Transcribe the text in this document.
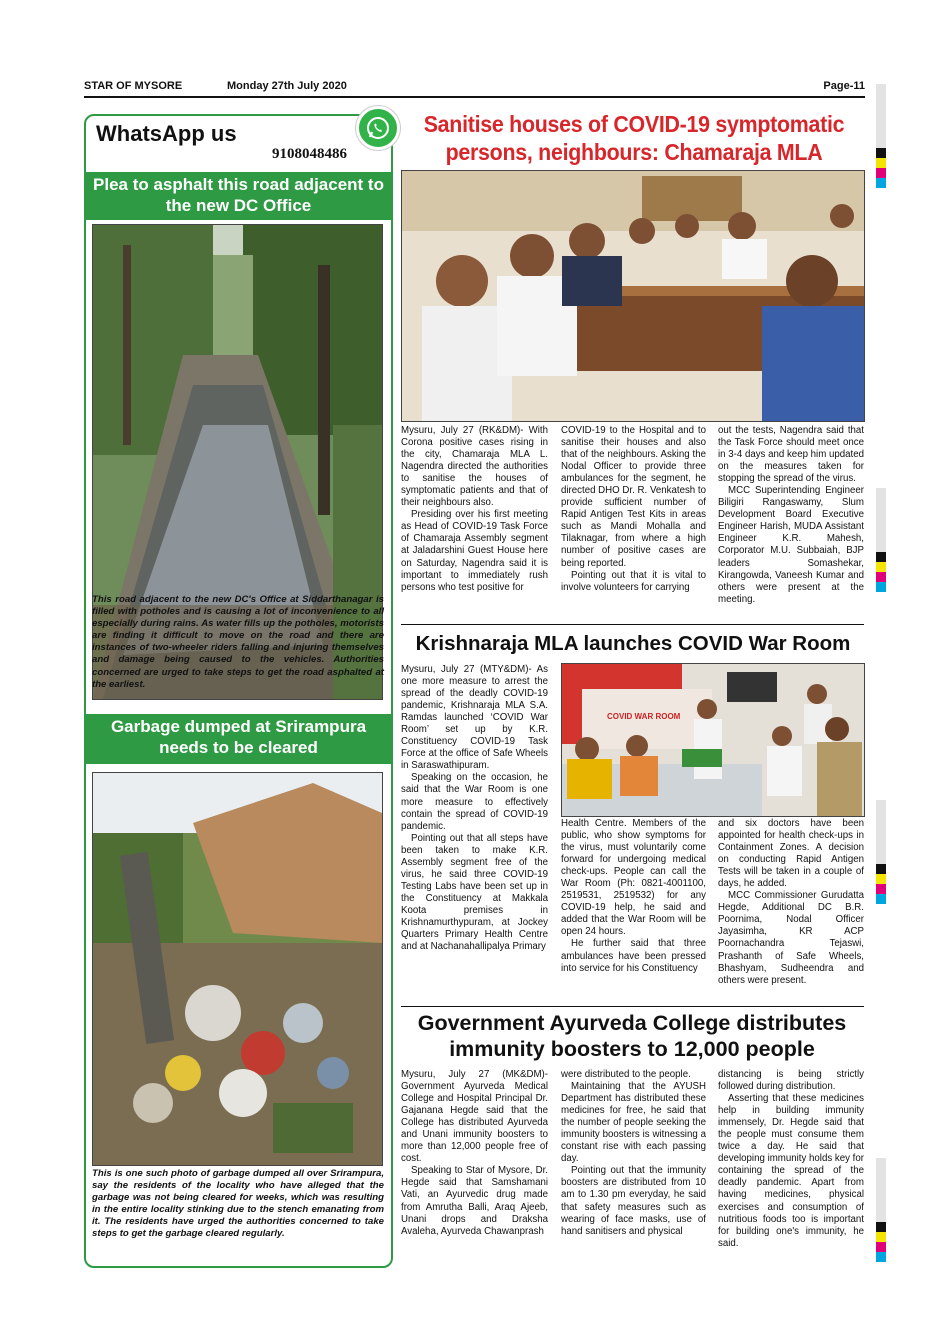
STAR OF MYSORE	Monday 27th July 2020	Page-11
WhatsApp us
9108048486
Plea to asphalt this road adjacent to the new DC Office
This road adjacent to the new DC's Office at Siddarthanagar is filled with potholes and is causing a lot of inconvenience to all especially during rains. As water fills up the potholes, motorists are finding it difficult to move on the road and there are instances of two-wheeler riders falling and injuring themselves and damage being caused to the vehicles. Authorities concerned are urged to take steps to get the road asphalted at the earliest.
Garbage dumped at Srirampura needs to be cleared
This is one such photo of garbage dumped all over Srirampura, say the residents of the locality who have alleged that the garbage was not being cleared for weeks, which was resulting in the entire locality stinking due to the stench emanating from it. The residents have urged the authorities concerned to take steps to get the garbage cleared regularly.
Sanitise houses of COVID-19 symptomatic persons, neighbours: Chamaraja MLA

Mysuru, July 27 (RK&DM)- With Corona positive cases rising in the city, Chamaraja MLA L. Nagendra directed the authorities to sanitise the houses of symptomatic patients and that of their neighbours also.

Presiding over his first meeting as Head of COVID-19 Task Force of Chamaraja Assembly segment at Jaladarshini Guest House here on Saturday, Nagendra said it is important to immediately rush persons who test positive for

COVID-19 to the Hospital and to sanitise their houses and also that of the neighbours. Asking the Nodal Officer to provide three ambulances for the segment, he directed DHO Dr. R. Venkatesh to provide sufficient number of Rapid Antigen Test Kits in areas such as Mandi Mohalla and Tilaknagar, from where a high number of positive cases are being reported.

Pointing out that it is vital to involve volunteers for carrying

out the tests, Nagendra said that the Task Force should meet once in 3-4 days and keep him updated on the measures taken for stopping the spread of the virus.

MCC Superintending Engineer Biligiri Rangaswamy, Slum Development Board Executive Engineer Harish, MUDA Assistant Engineer K.R. Mahesh, Corporator M.U. Subbaiah, BJP leaders Somashekar, Kirangowda, Vaneesh Kumar and others were present at the meeting.

Krishnaraja MLA launches COVID War Room
COVID WAR ROOM

Mysuru, July 27 (MTY&DM)- As one more measure to arrest the spread of the deadly COVID-19 pandemic, Krishnaraja MLA S.A. Ramdas launched ‘COVID War Room’ set up by K.R. Constituency COVID-19 Task Force at the office of Safe Wheels in Saraswathipuram.

Speaking on the occasion, he said that the War Room is one more measure to effectively contain the spread of COVID-19 pandemic.

Pointing out that all steps have been taken to make K.R. Assembly segment free of the virus, he said three COVID-19 Testing Labs have been set up in the Constituency at Makkala Koota premises in Krishnamurthypuram, at Jockey Quarters Primary Health Centre and at Nachanahallipalya Primary

Health Centre. Members of the public, who show symptoms for the virus, must voluntarily come forward for undergoing medical check-ups. People can call the War Room (Ph: 0821-4001100, 2519531, 2519532) for any COVID-19 help, he said and added that the War Room will be open 24 hours.

He further said that three ambulances have been pressed into service for his Constituency

and six doctors have been appointed for health check-ups in Containment Zones. A decision on conducting Rapid Antigen Tests will be taken in a couple of days, he added.

MCC Commissioner Gurudatta Hegde, Additional DC B.R. Poornima, Nodal Officer Jayasimha, KR ACP Poornachandra Tejaswi, Prashanth of Safe Wheels, Bhashyam, Sudheendra and others were present.

Government Ayurveda College distributes immunity boosters to 12,000 people

Mysuru, July 27 (MK&DM)- Government Ayurveda Medical College and Hospital Principal Dr. Gajanana Hegde said that the College has distributed Ayurveda and Unani immunity boosters to more than 12,000 people free of cost.

Speaking to Star of Mysore, Dr. Hegde said that Samshamani Vati, an Ayurvedic drug made from Amrutha Balli, Araq Ajeeb, Unani drops and Draksha Avaleha, Ayurveda Chawanprash

were distributed to the people.

Maintaining that the AYUSH Department has distributed these medicines for free, he said that the number of people seeking the immunity boosters is witnessing a constant rise with each passing day.

Pointing out that the immunity boosters are distributed from 10 am to 1.30 pm everyday, he said that safety measures such as wearing of face masks, use of hand sanitisers and physical

distancing is being strictly followed during distribution.

Asserting that these medicines help in building immunity immensely, Dr. Hegde said that the people must consume them twice a day. He said that developing immunity holds key for containing the spread of the deadly pandemic. Apart from having medicines, physical exercises and consumption of nutritious foods too is important for building one's immunity, he said.
